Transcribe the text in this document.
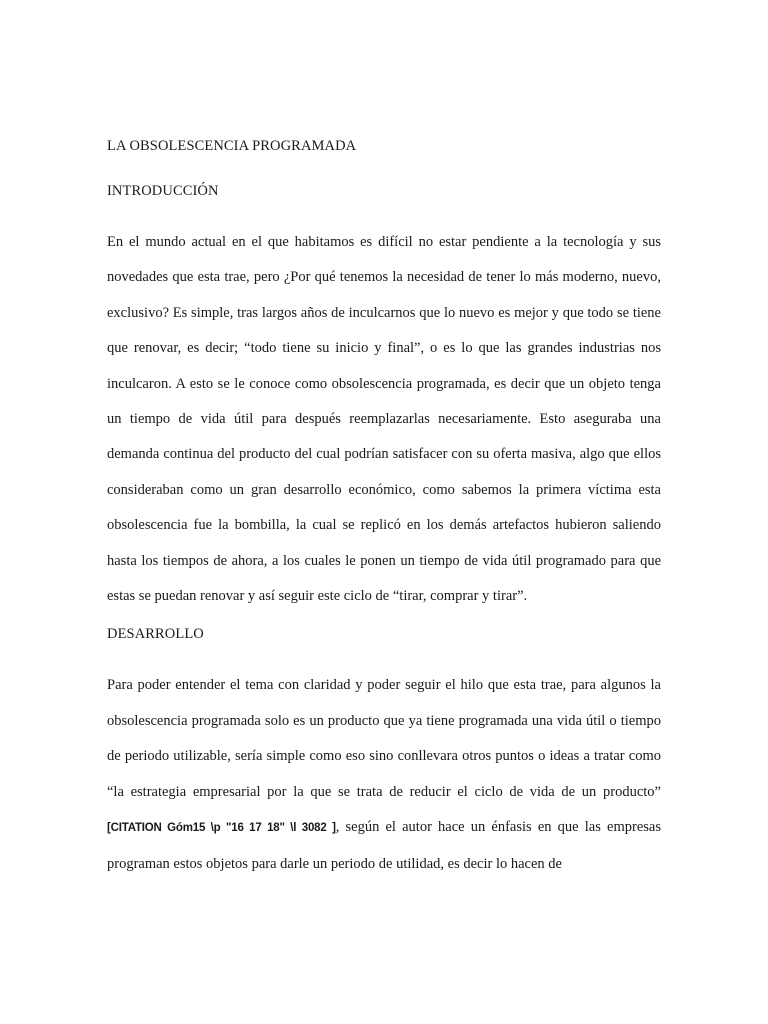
LA OBSOLESCENCIA PROGRAMADA

INTRODUCCIÓN

En el mundo actual en el que habitamos es difícil no estar pendiente a la tecnología y sus novedades que esta trae, pero ¿Por qué tenemos la necesidad de tener lo más moderno, nuevo, exclusivo? Es simple, tras largos años de inculcarnos que lo nuevo es mejor y que todo se tiene que renovar, es decir; “todo tiene su inicio y final”, o es lo que las grandes industrias nos inculcaron. A esto se le conoce como obsolescencia programada, es decir que un objeto tenga un tiempo de vida útil para después reemplazarlas necesariamente. Esto aseguraba una demanda continua del producto del cual podrían satisfacer con su oferta masiva, algo que ellos consideraban como un gran desarrollo económico, como sabemos la primera víctima esta obsolescencia fue la bombilla, la cual se replicó en los demás artefactos hubieron saliendo hasta los tiempos de ahora, a los cuales le ponen un tiempo de vida útil programado para que estas se puedan renovar y así seguir este ciclo de “tirar, comprar y tirar”.

DESARROLLO

Para poder entender el tema con claridad y poder seguir el hilo que esta trae, para algunos la obsolescencia programada solo es un producto que ya tiene programada una vida útil o tiempo de periodo utilizable, sería simple como eso sino conllevara otros puntos o ideas a tratar como “la estrategia empresarial por la que se trata de reducir el ciclo de vida de un producto” [CITATION Góm15 \p "16 17 18" \l 3082 ], según el autor hace un énfasis en que las empresas programan estos objetos para darle un periodo de utilidad, es decir lo hacen de
